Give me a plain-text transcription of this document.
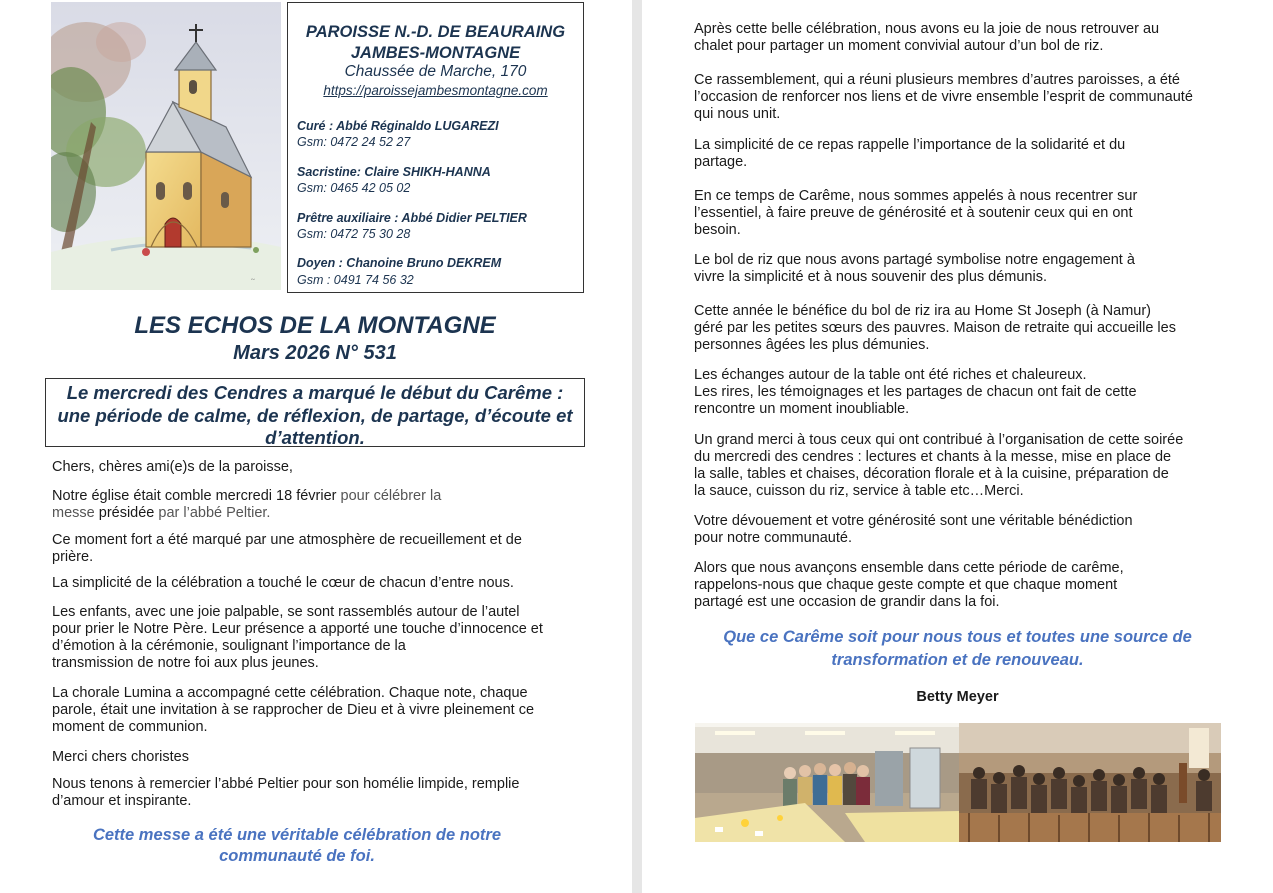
~
PAROISSE N.-D. DE BEAURAING
JAMBES-MONTAGNE
Chaussée de Marche, 170
https://paroissejambesmontagne.com
Curé : Abbé Réginaldo LUGAREZI
Gsm: 0472 24 52 27
Sacristine: Claire SHIKH-HANNA
Gsm: 0465 42 05 02
Prêtre auxiliaire : Abbé Didier PELTIER
Gsm: 0472 75 30 28
Doyen : Chanoine Bruno DEKREM
Gsm : 0491 74 56 32
LES ECHOS DE LA MONTAGNE
Mars 2026 N° 531
Le mercredi des Cendres a marqué le début du Carême : une période de calme, de réflexion, de partage, d’écoute et d’attention.
Chers, chères ami(e)s de la paroisse,
Notre église était comble mercredi 18 février pour célébrer la
messe présidée par l’abbé Peltier.
Ce moment fort a été marqué par une atmosphère de recueillement et de prière.
La simplicité de la célébration a touché le cœur de chacun d’entre nous.
Les enfants, avec une joie palpable, se sont rassemblés autour de l’autel
pour prier le Notre Père. Leur présence a apporté une touche d’innocence et
d’émotion à la cérémonie, soulignant l’importance de la
transmission de notre foi aux plus jeunes.
La chorale Lumina a accompagné cette célébration. Chaque note, chaque parole, était une invitation à se rapprocher de Dieu et à vivre pleinement ce moment de communion.
Merci chers choristes
Nous tenons à remercier l’abbé Peltier pour son homélie limpide, remplie d’amour et inspirante.
Cette messe a été une véritable célébration de notre communauté de foi.
Après cette belle célébration, nous avons eu la joie de nous retrouver au chalet pour partager un moment convivial autour d’un bol de riz.
Ce rassemblement, qui a réuni plusieurs membres d’autres paroisses, a été l’occasion de renforcer nos liens et de vivre ensemble l’esprit de communauté qui nous unit.
La simplicité de ce repas rappelle l’importance de la solidarité et du partage.
En ce temps de Carême, nous sommes appelés à nous recentrer sur l’essentiel, à faire preuve de générosité et à soutenir ceux qui en ont besoin.
Le bol de riz que nous avons partagé symbolise notre engagement à vivre la simplicité et à nous souvenir des plus démunis.
Cette année le bénéfice du bol de riz ira au Home St Joseph (à Namur) géré par les petites sœurs des pauvres. Maison de retraite qui accueille les personnes âgées les plus démunies.
Les échanges autour de la table ont été riches et chaleureux.
Les rires, les témoignages et les partages de chacun ont fait de cette rencontre un moment inoubliable.
Un grand merci à tous ceux qui ont contribué à l’organisation de cette soirée du mercredi des cendres : lectures et chants à la messe, mise en place de la salle, tables et chaises, décoration florale et à la cuisine, préparation de la sauce, cuisson du riz, service à table etc…Merci.
Votre dévouement et votre générosité sont une véritable bénédiction pour notre communauté.
Alors que nous avançons ensemble dans cette période de carême, rappelons-nous que chaque geste compte et que chaque moment partagé est une occasion de grandir dans la foi.
Que ce Carême soit pour nous tous et toutes une source de transformation et de renouveau.
Betty Meyer
